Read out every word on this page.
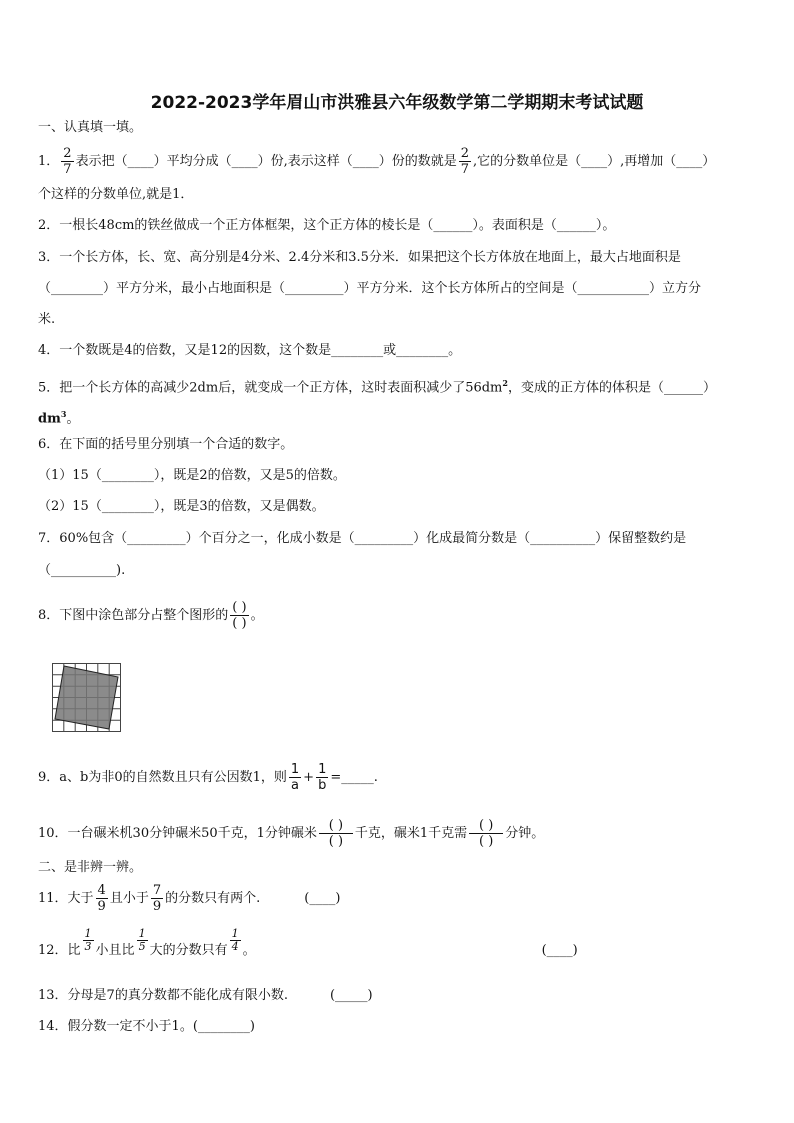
2022-2023学年眉山市洪雅县六年级数学第二学期期末考试试题
一、认真填一填。
1． $\frac{2}{7}$ 表示把（____）平均分成（____）份,表示这样（____）份的数就是 $\frac{2}{7}$ ,它的分数单位是（____）,再增加（____）
个这样的分数单位,就是1．
2．一根长48cm的铁丝做成一个正方体框架，这个正方体的棱长是（______）。表面积是（______）。
3．一个长方体，长、宽、高分别是4分米、2.4分米和3.5分米．如果把这个长方体放在地面上，最大占地面积是
（________）平方分米，最小占地面积是（_________）平方分米．这个长方体所占的空间是（___________）立方分
米.
4．一个数既是4的倍数，又是12的因数，这个数是________或________。
5．把一个长方体的高减少2dm后，就变成一个正方体，这时表面积减少了$56dm^2$，变成的正方体的体积是（______）
$dm^3$。
6．在下面的括号里分别填一个合适的数字。
（1）15（________），既是2的倍数，又是5的倍数。
（2）15（________），既是3的倍数，又是偶数。
7．60%包含（_________）个百分之一，化成小数是（_________）化成最简分数是（__________）保留整数约是
（__________).
8．下图中涂色部分占整个图形的
( )
( )
。
9．a、b为非0的自然数且只有公因数1，则 $\frac{1}{a} + \frac{1}{b}$ =_____.
10．一台碾米机30分钟碾米50千克，1分钟碾米
( )
( )
千克，碾米1千克需
( )
( )
分钟。
二、是非辨一辨。
11．大于 $\frac{4}{9}$ 且小于 $\frac{7}{9}$ 的分数只有两个.	(____)
12．比 $\frac{1}{3}$ 小且比 $\frac{1}{5}$ 大的分数只有 $\frac{1}{4}$ 。	(____)
13．分母是7的真分数都不能化成有限小数.	(_____)
14．假分数一定不小于1。(________)
